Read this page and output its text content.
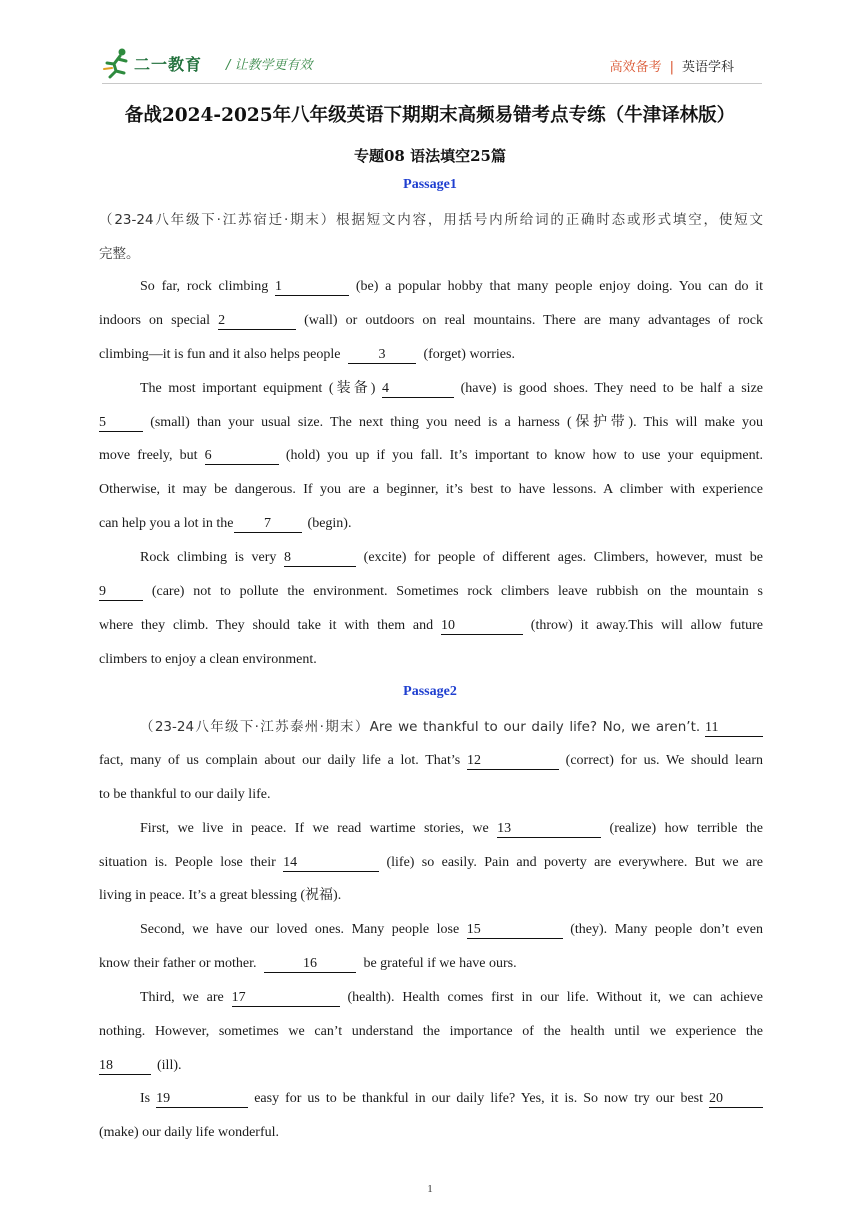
二一教育 / 让教学更有效	高效备考 | 英语学科
备战2024-2025年八年级英语下期期末高频易错考点专练（牛津译林版）
专题08 语法填空25篇
Passage1
（23-24八年级下·江苏宿迁·期末）根据短文内容，用括号内所给词的正确时态或形式填空，使短文
完整。
So far, rock climbing 1	(be) a popular hobby that many people enjoy doing. You can do it
indoors on special 2	(wall) or outdoors on real mountains. There are many advantages of rock
climbing—it is fun and it also helps people	3	(forget) worries.
The most important equipment (装备) 4	(have) is good shoes. They need to be half a size
5	(small) than your usual size. The next thing you need is a harness (保护带). This will make you
move freely, but 6	(hold) you up if you fall. It’s important to know how to use your equipment.
Otherwise, it may be dangerous. If you are a beginner, it’s best to have lessons. A climber with experience
can help you a lot in the 7	(begin).
Rock climbing is very 8	(excite) for people of different ages. Climbers, however, must be
9	(care) not to pollute the environment. Sometimes rock climbers leave rubbish on the mountain s
where they climb. They should take it with them and 10	(throw) it away.This will allow future
climbers to enjoy a clean environment.
Passage2
（23-24八年级下·江苏泰州·期末）Are we thankful to our daily life? No, we aren’t. 11
fact, many of us complain about our daily life a lot. That’s 12	(correct) for us. We should learn
to be thankful to our daily life.
First, we live in peace. If we read wartime stories, we 13	(realize) how terrible the
situation is. People lose their 14	(life) so easily. Pain and poverty are everywhere. But we are
living in peace. It’s a great blessing (祝福).
Second, we have our loved ones. Many people lose 15	(they). Many people don’t even
know their father or mother.	16	be grateful if we have ours.
Third, we are 17	(health). Health comes first in our life. Without it, we can achieve
nothing. However, sometimes we can’t understand the importance of the health until we experience the
18	(ill).
Is 19	easy for us to be thankful in our daily life? Yes, it is. So now try our best 20
(make) our daily life wonderful.
1
